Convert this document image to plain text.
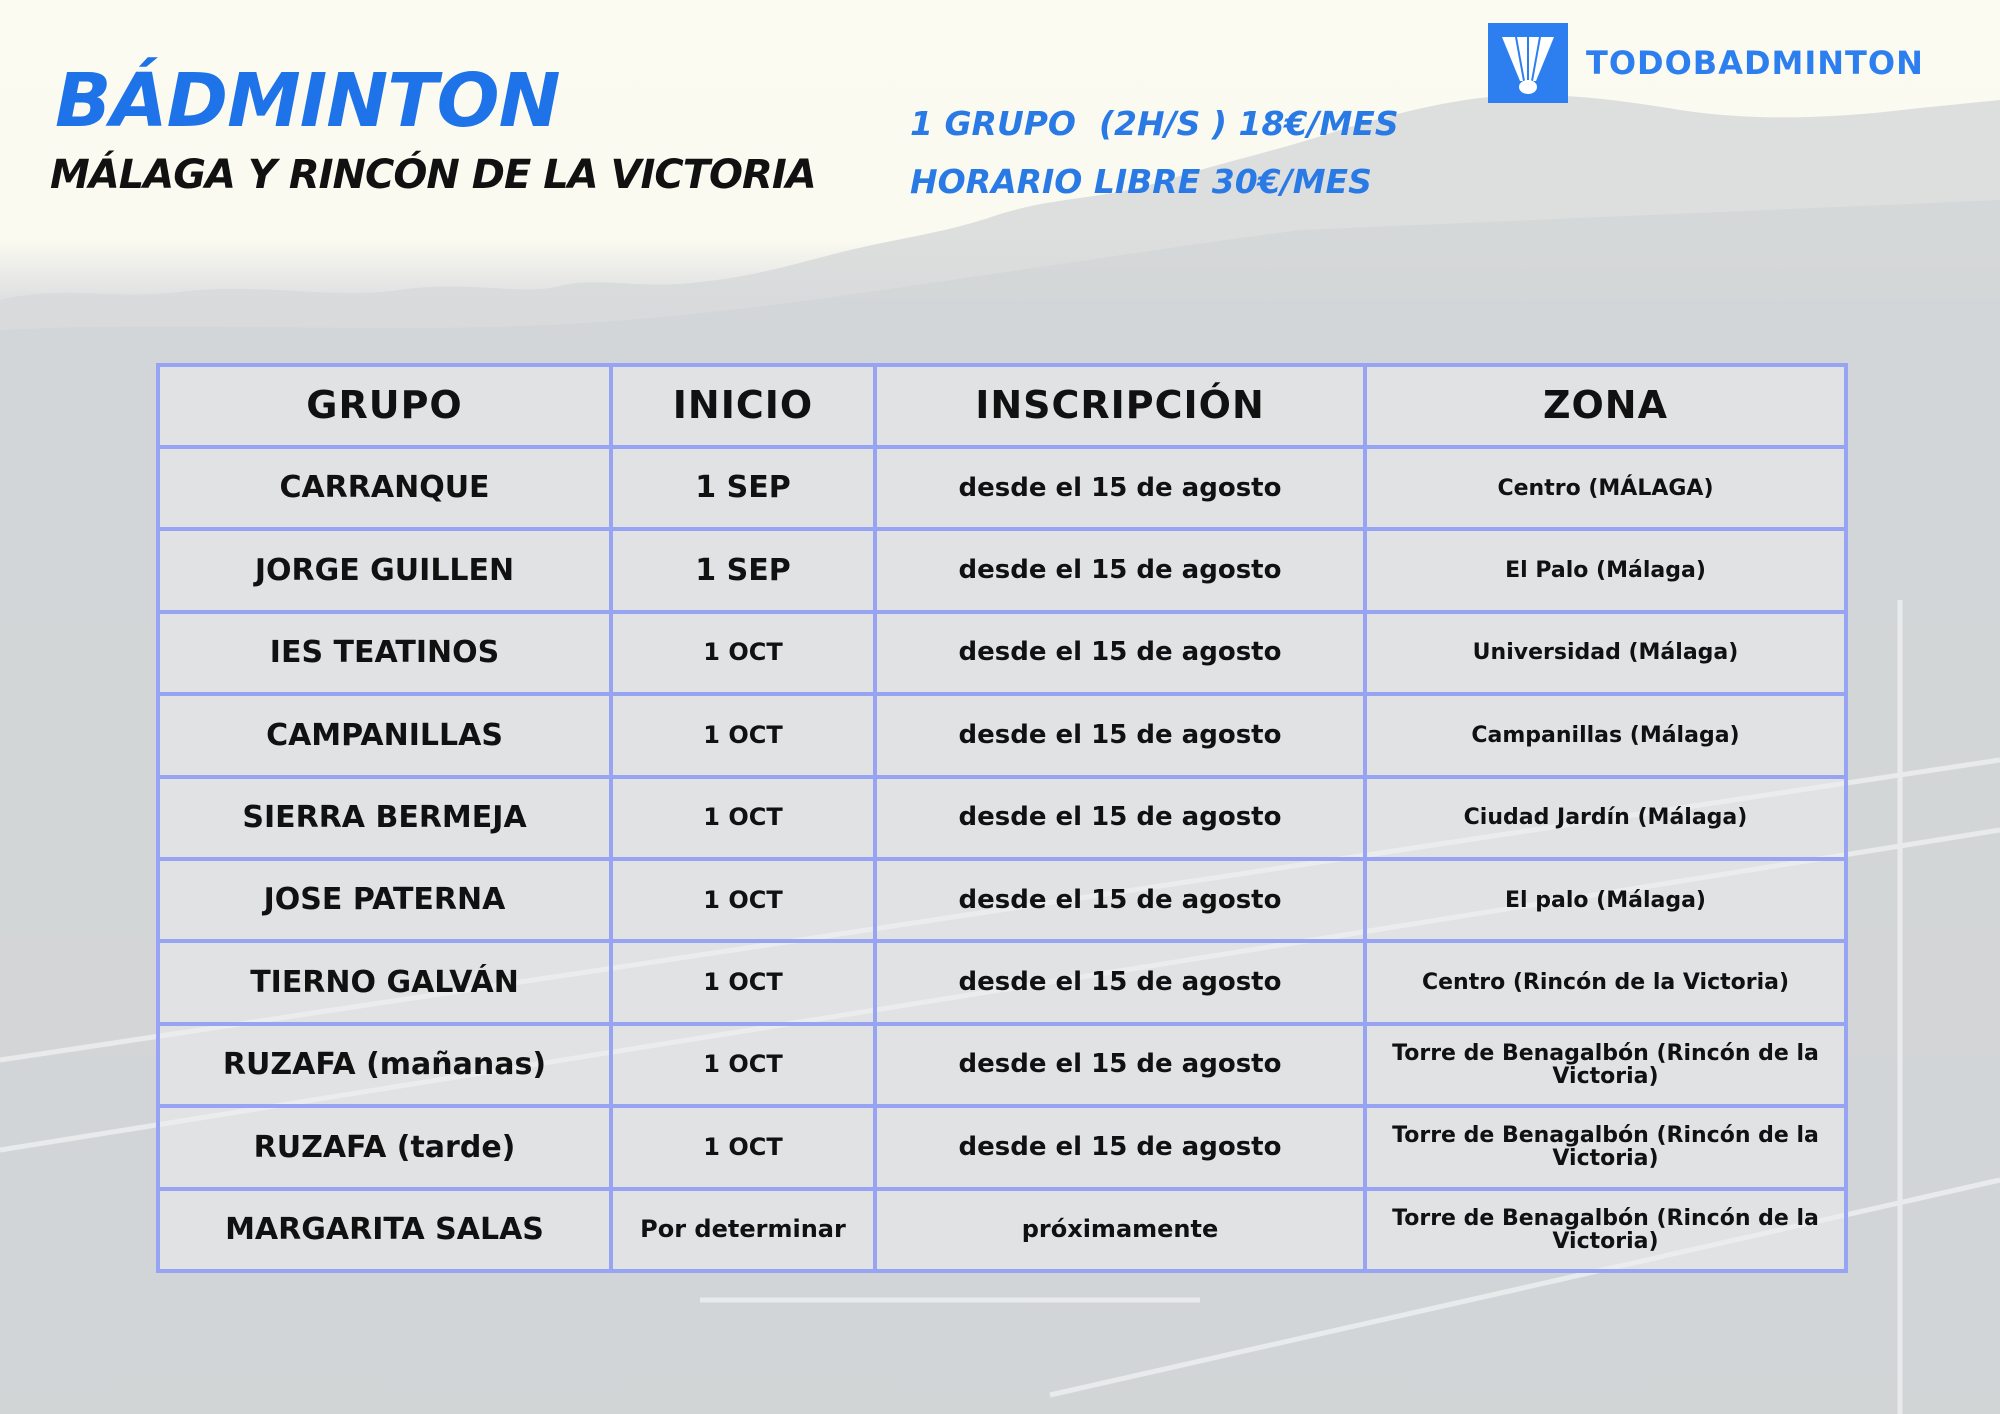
BÁDMINTON
MÁLAGA Y RINCÓN DE LA VICTORIA

1 GRUPO  (2H/S ) 18€/MES

HORARIO LIBRE 30€/MES

TODOBADMINTON
GRUPO	INICIO	INSCRIPCIÓN	ZONA
CARRANQUE	1 SEP	desde el 15 de agosto	Centro (MÁLAGA)
JORGE GUILLEN	1 SEP	desde el 15 de agosto	El Palo (Málaga)
IES TEATINOS	1 OCT	desde el 15 de agosto	Universidad (Málaga)
CAMPANILLAS	1 OCT	desde el 15 de agosto	Campanillas (Málaga)
SIERRA BERMEJA	1 OCT	desde el 15 de agosto	Ciudad Jardín (Málaga)
JOSE PATERNA	1 OCT	desde el 15 de agosto	El palo (Málaga)
TIERNO GALVÁN	1 OCT	desde el 15 de agosto	Centro (Rincón de la Victoria)
RUZAFA (mañanas)	1 OCT	desde el 15 de agosto	Torre de Benagalbón (Rincón de la Victoria)
RUZAFA (tarde)	1 OCT	desde el 15 de agosto	Torre de Benagalbón (Rincón de la Victoria)
MARGARITA SALAS	Por determinar	próximamente	Torre de Benagalbón (Rincón de la Victoria)
